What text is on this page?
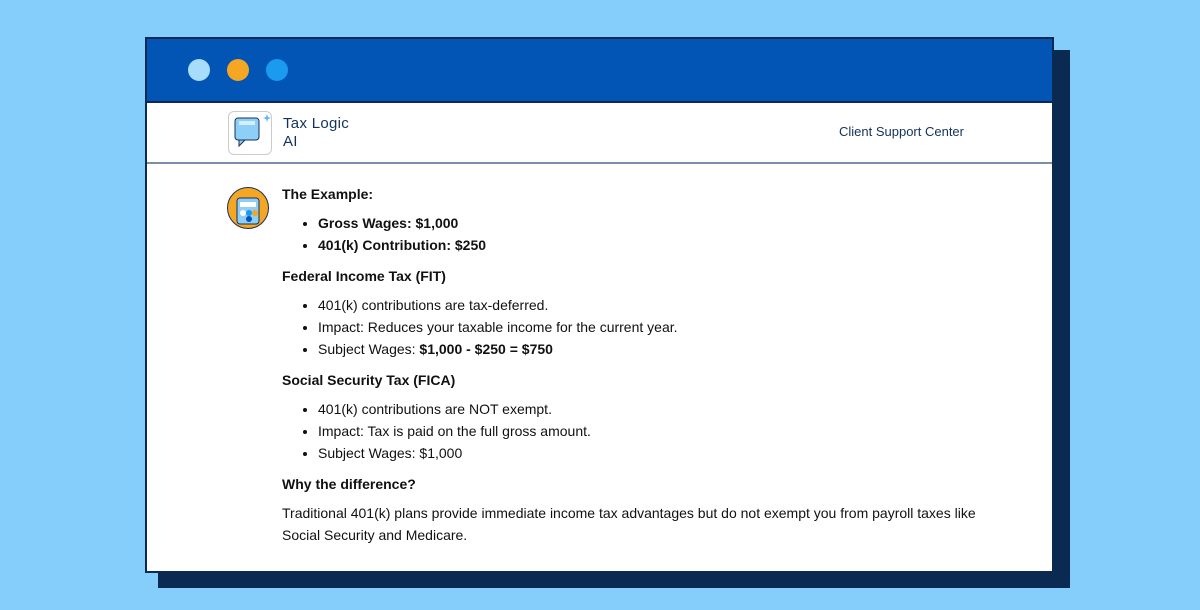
Tax Logic
AI
Client Support Center
The Example:
• Gross Wages: $1,000
• 401(k) Contribution: $250
Federal Income Tax (FIT)
• 401(k) contributions are tax-deferred.
• Impact: Reduces your taxable income for the current year.
• Subject Wages: $1,000 - $250 = $750
Social Security Tax (FICA)
• 401(k) contributions are NOT exempt.
• Impact: Tax is paid on the full gross amount.
• Subject Wages: $1,000
Why the difference?

Traditional 401(k) plans provide immediate income tax advantages but do not exempt you from payroll taxes like Social Security and Medicare.
